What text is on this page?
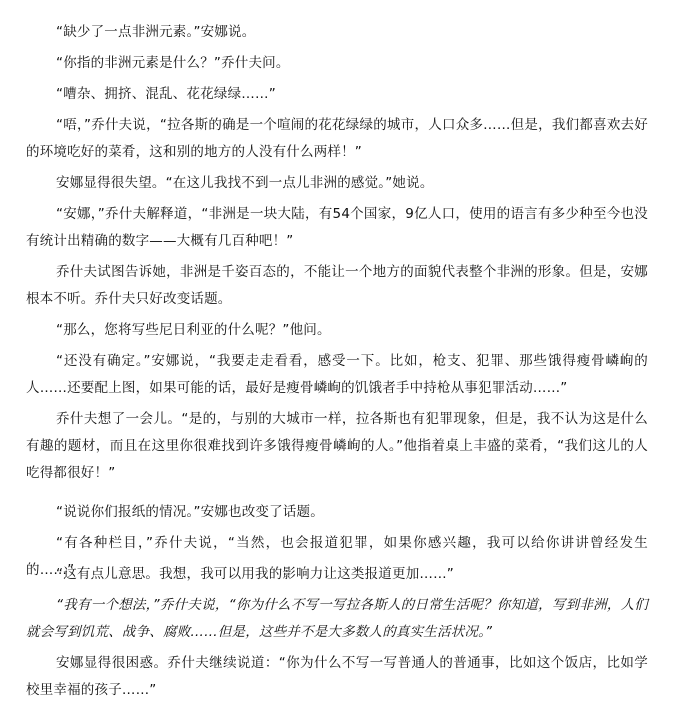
“缺少了一点非洲元素。”安娜说。

“你指的非洲元素是什么？”乔什夫问。

“嘈杂、拥挤、混乱、花花绿绿……”

“唔，”乔什夫说，“拉各斯的确是一个喧闹的花花绿绿的城市，人口众多……但是，我们都喜欢去好的环境吃好的菜肴，这和别的地方的人没有什么两样！”

安娜显得很失望。“在这儿我找不到一点儿非洲的感觉。”她说。

“安娜，”乔什夫解释道，“非洲是一块大陆，有54个国家，9亿人口，使用的语言有多少种至今也没有统计出精确的数字——大概有几百种吧！”

乔什夫试图告诉她，非洲是千姿百态的，不能让一个地方的面貌代表整个非洲的形象。但是，安娜根本不听。乔什夫只好改变话题。

“那么，您将写些尼日利亚的什么呢？”他问。

“还没有确定。”安娜说，“我要走走看看，感受一下。比如，枪支、犯罪、那些饿得瘦骨嶙峋的人……还要配上图，如果可能的话，最好是瘦骨嶙峋的饥饿者手中持枪从事犯罪活动……”

乔什夫想了一会儿。“是的，与别的大城市一样，拉各斯也有犯罪现象，但是，我不认为这是什么有趣的题材，而且在这里你很难找到许多饿得瘦骨嶙峋的人。”他指着桌上丰盛的菜肴，“我们这儿的人吃得都很好！”

“说说你们报纸的情况。”安娜也改变了话题。

“有各种栏目，”乔什夫说，“当然，也会报道犯罪，如果你感兴趣，我可以给你讲讲曾经发生的……”

“这有点儿意思。我想，我可以用我的影响力让这类报道更加……”

“我有一个想法，”乔什夫说，“你为什么不写一写拉各斯人的日常生活呢？你知道，写到非洲，人们就会写到饥荒、战争、腐败……但是，这些并不是大多数人的真实生活状况。”

安娜显得很困惑。乔什夫继续说道：“你为什么不写一写普通人的普通事，比如这个饭店，比如学校里幸福的孩子……”
